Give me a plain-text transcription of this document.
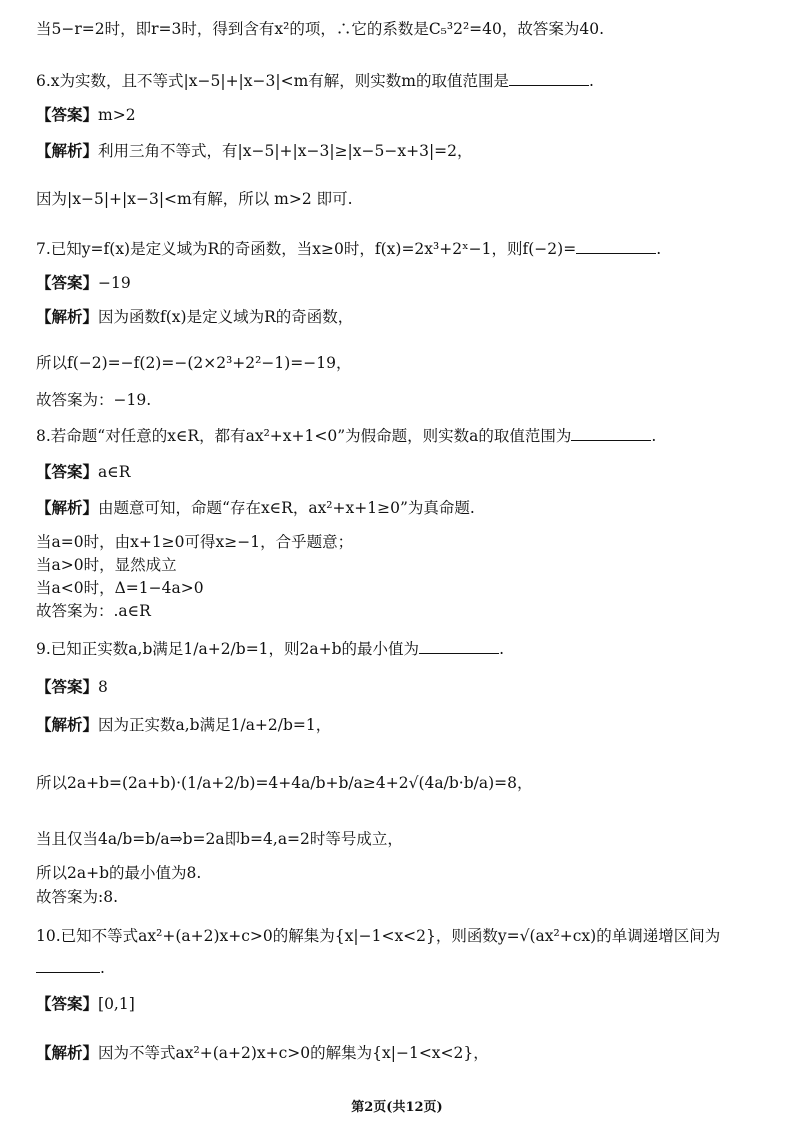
当5−r=2时，即r=3时，得到含有x²的项，∴它的系数是C₅³2²=40，故答案为40.
6.x为实数，且不等式|x−5|+|x−3|<m有解，则实数m的取值范围是	.
【答案】m>2
【解析】利用三角不等式，有|x−5|+|x−3|≥|x−5−x+3|=2，
因为|x−5|+|x−3|<m有解，所以 m>2 即可.
7.已知y=f(x)是定义域为R的奇函数，当x≥0时，f(x)=2x³+2ˣ−1，则f(−2)=	.
【答案】−19
【解析】因为函数f(x)是定义域为R的奇函数，
所以f(−2)=−f(2)=−(2×2³+2²−1)=−19，
故答案为：−19.
8.若命题“对任意的x∈R，都有ax²+x+1<0”为假命题，则实数a的取值范围为	.
【答案】a∈R
【解析】由题意可知，命题“存在x∈R，ax²+x+1≥0”为真命题.
当a=0时，由x+1≥0可得x≥−1，合乎题意；
当a>0时，显然成立
当a<0时，Δ=1−4a>0
故答案为：.a∈R
9.已知正实数a,b满足1/a+2/b=1，则2a+b的最小值为	.
【答案】8
【解析】因为正实数a,b满足1/a+2/b=1，
所以2a+b=(2a+b)·(1/a+2/b)=4+4a/b+b/a≥4+2√(4a/b·b/a)=8，
当且仅当4a/b=b/a⇒b=2a即b=4,a=2时等号成立，
所以2a+b的最小值为8.
故答案为:8.
10.已知不等式ax²+(a+2)x+c>0的解集为{x|−1<x<2}，则函数y=√(ax²+cx)的单调递增区间为
.
【答案】[0,1]
【解析】因为不等式ax²+(a+2)x+c>0的解集为{x|−1<x<2}，
第2页(共12页)
